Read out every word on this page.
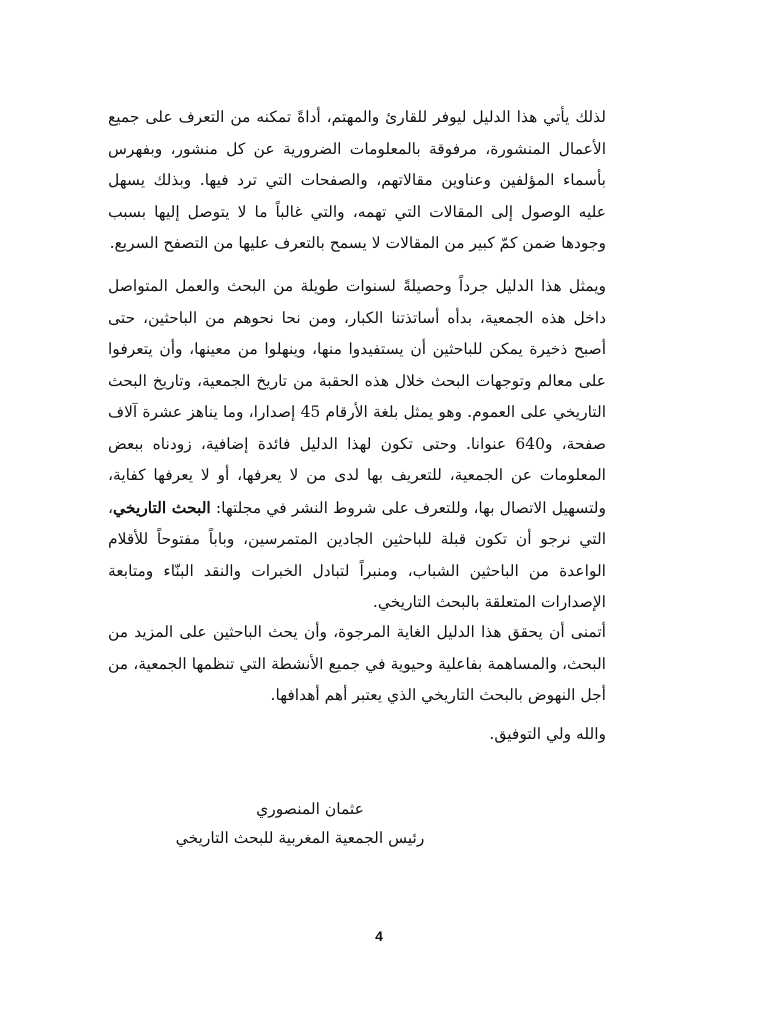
لذلك يأتي هذا الدليل ليوفر للقارئ والمهتم، أداةً تمكنه من التعرف على جميع الأعمال المنشورة، مرفوقة بالمعلومات الضرورية عن كل منشور، وبفهرس بأسماء المؤلفين وعناوين مقالاتهم، والصفحات التي ترد فيها. وبذلك يسهل عليه الوصول إلى المقالات التي تهمه، والتي غالباً ما لا يتوصل إليها بسبب وجودها ضمن كمّ كبير من المقالات لا يسمح بالتعرف عليها من التصفح السريع.

ويمثل هذا الدليل جرداً وحصيلةً لسنوات طويلة من البحث والعمل المتواصل داخل هذه الجمعية، بدأه أساتذتنا الكبار، ومن نحا نحوهم من الباحثين، حتى أصبح ذخيرة يمكن للباحثين أن يستفيدوا منها، وينهلوا من معينها، وأن يتعرفوا على معالم وتوجهات البحث خلال هذه الحقبة من تاريخ الجمعية، وتاريخ البحث التاريخي على العموم. وهو يمثل بلغة الأرقام 45 إصدارا، وما يناهز عشرة آلاف صفحة، و640 عنوانا. وحتى تكون لهذا الدليل فائدة إضافية، زودناه ببعض المعلومات عن الجمعية، للتعريف بها لدى من لا يعرفها، أو لا يعرفها كفاية، ولتسهيل الاتصال بها، وللتعرف على شروط النشر في مجلتها: البحث التاريخي، التي نرجو أن تكون قبلة للباحثين الجادين المتمرسين، وباباً مفتوحاً للأقلام الواعدة من الباحثين الشباب، ومنبراً لتبادل الخبرات والنقد البنّاء ومتابعة الإصدارات المتعلقة بالبحث التاريخي.

أتمنى أن يحقق هذا الدليل الغاية المرجوة، وأن يحث الباحثين على المزيد من البحث، والمساهمة بفاعلية وحيوية في جميع الأنشطة التي تنظمها الجمعية، من أجل النهوض بالبحث التاريخي الذي يعتبر أهم أهدافها.

والله ولي التوفيق.

عثمان المنصوري

رئيس الجمعية المغربية للبحث التاريخي

4
